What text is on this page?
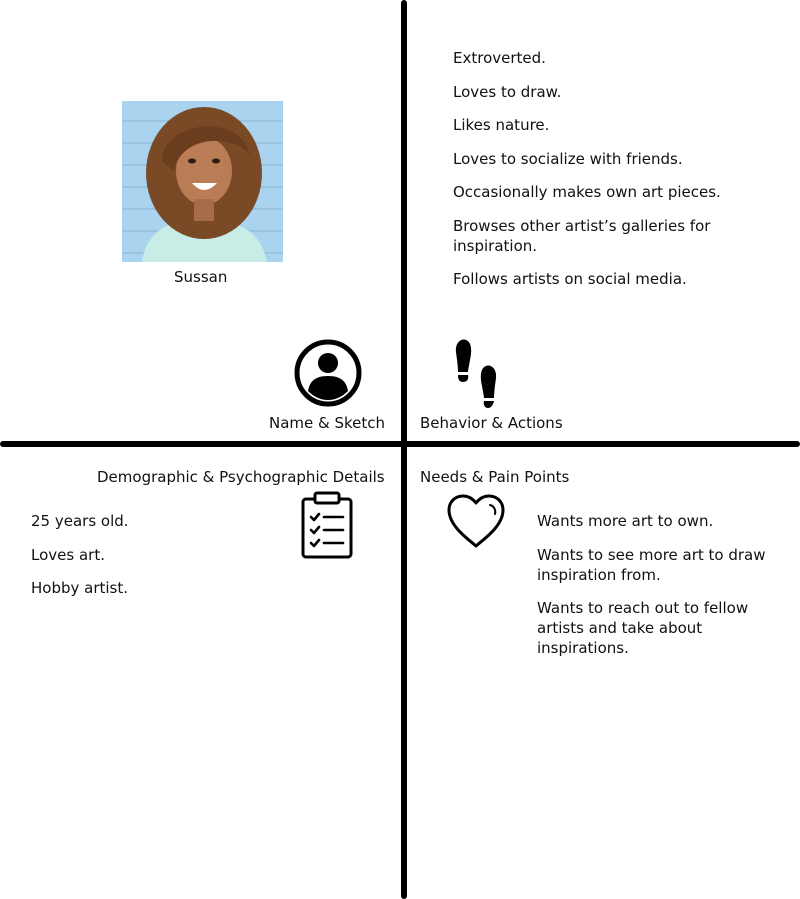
Sussan
Name & Sketch
Extroverted.
Loves to draw.
Likes nature.
Loves to socialize with friends.
Occasionally makes own art pieces.
Browses other artist’s galleries for inspiration.
Follows artists on social media.
Behavior & Actions
Demographic & Psychographic Details
25 years old.
Loves art.
Hobby artist.
Needs & Pain Points
Wants more art to own.
Wants to see more art to draw inspiration from.
Wants to reach out to fellow artists and take about inspirations.
